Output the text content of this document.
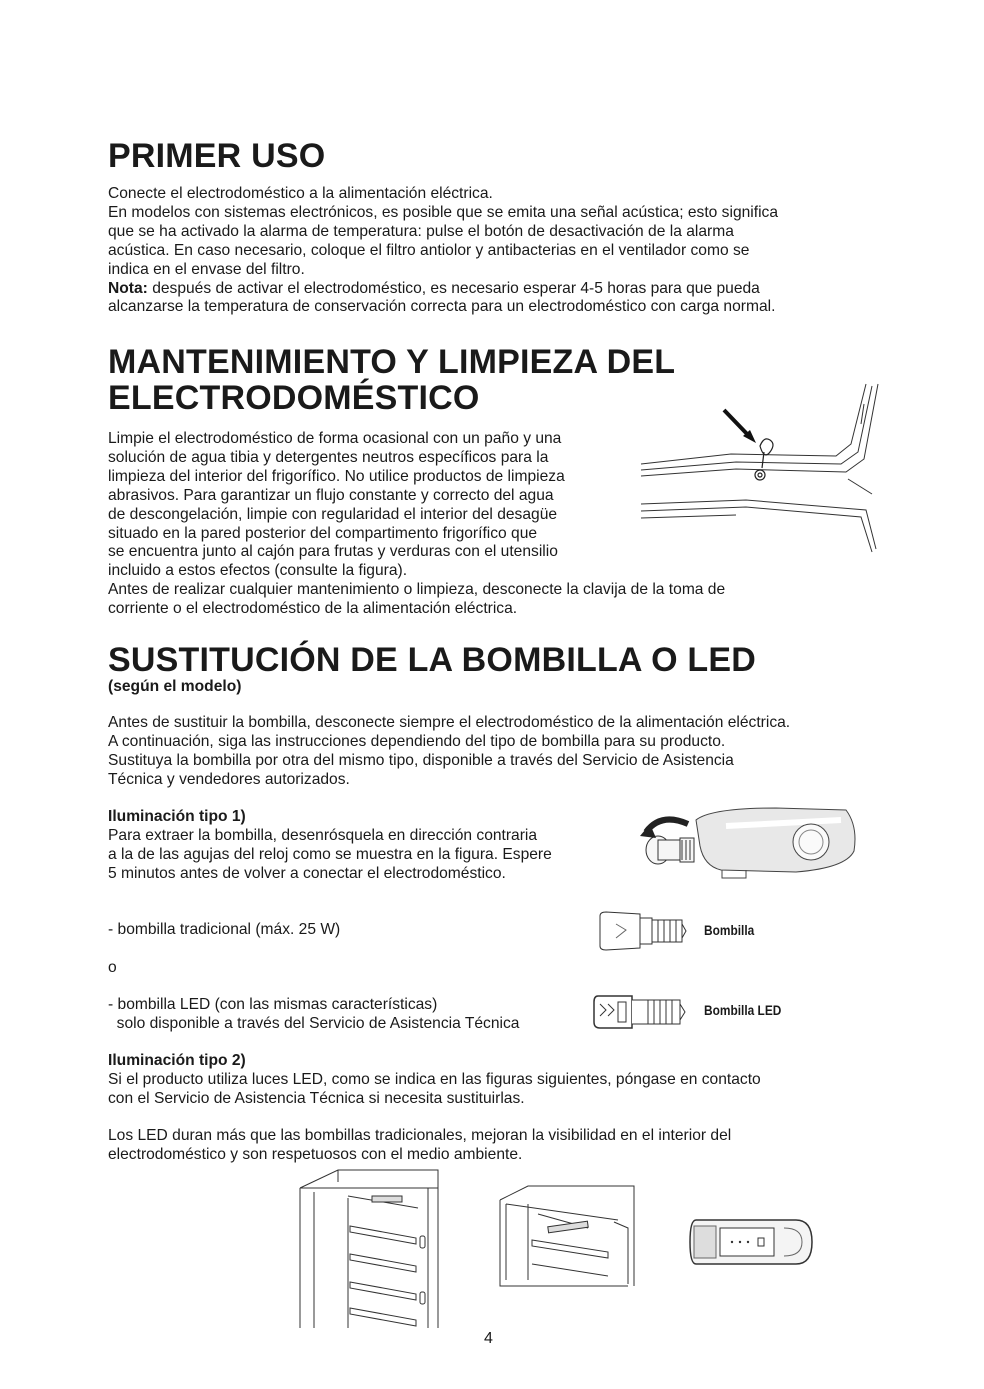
PRIMER USO
Conecte el electrodoméstico a la alimentación eléctrica.
En modelos con sistemas electrónicos, es posible que se emita una señal acústica; esto significa
que se ha activado la alarma de temperatura: pulse el botón de desactivación de la alarma
acústica. En caso necesario, coloque el filtro antiolor y antibacterias en el ventilador como se
indica en el envase del filtro.
Nota: después de activar el electrodoméstico, es necesario esperar 4-5 horas para que pueda
alcanzarse la temperatura de conservación correcta para un electrodoméstico con carga normal.
MANTENIMIENTO Y LIMPIEZA DEL
ELECTRODOMÉSTICO
Limpie el electrodoméstico de forma ocasional con un paño y una
solución de agua tibia y detergentes neutros específicos para la
limpieza del interior del frigorífico. No utilice productos de limpieza
abrasivos. Para garantizar un flujo constante y correcto del agua
de descongelación, limpie con regularidad el interior del desagüe
situado en la pared posterior del compartimento frigorífico que
se encuentra junto al cajón para frutas y verduras con el utensilio
incluido a estos efectos (consulte la figura).
Antes de realizar cualquier mantenimiento o limpieza, desconecte la clavija de la toma de
corriente o el electrodoméstico de la alimentación eléctrica.
SUSTITUCIÓN DE LA BOMBILLA O LED
(según el modelo)
Antes de sustituir la bombilla, desconecte siempre el electrodoméstico de la alimentación eléctrica.
A continuación, siga las instrucciones dependiendo del tipo de bombilla para su producto.
Sustituya la bombilla por otra del mismo tipo, disponible a través del Servicio de Asistencia
Técnica y vendedores autorizados.
Iluminación tipo 1)
Para extraer la bombilla, desenrósquela en dirección contraria
a la de las agujas del reloj como se muestra en la figura. Espere
5 minutos antes de volver a conectar el electrodoméstico.
- bombilla tradicional (máx. 25 W)
o
- bombilla LED (con las mismas características)
solo disponible a través del Servicio de Asistencia Técnica
Bombilla
Bombilla LED
Iluminación tipo 2)
Si el producto utiliza luces LED, como se indica en las figuras siguientes, póngase en contacto
con el Servicio de Asistencia Técnica si necesita sustituirlas.
Los LED duran más que las bombillas tradicionales, mejoran la visibilidad en el interior del
electrodoméstico y son respetuosos con el medio ambiente.
4
